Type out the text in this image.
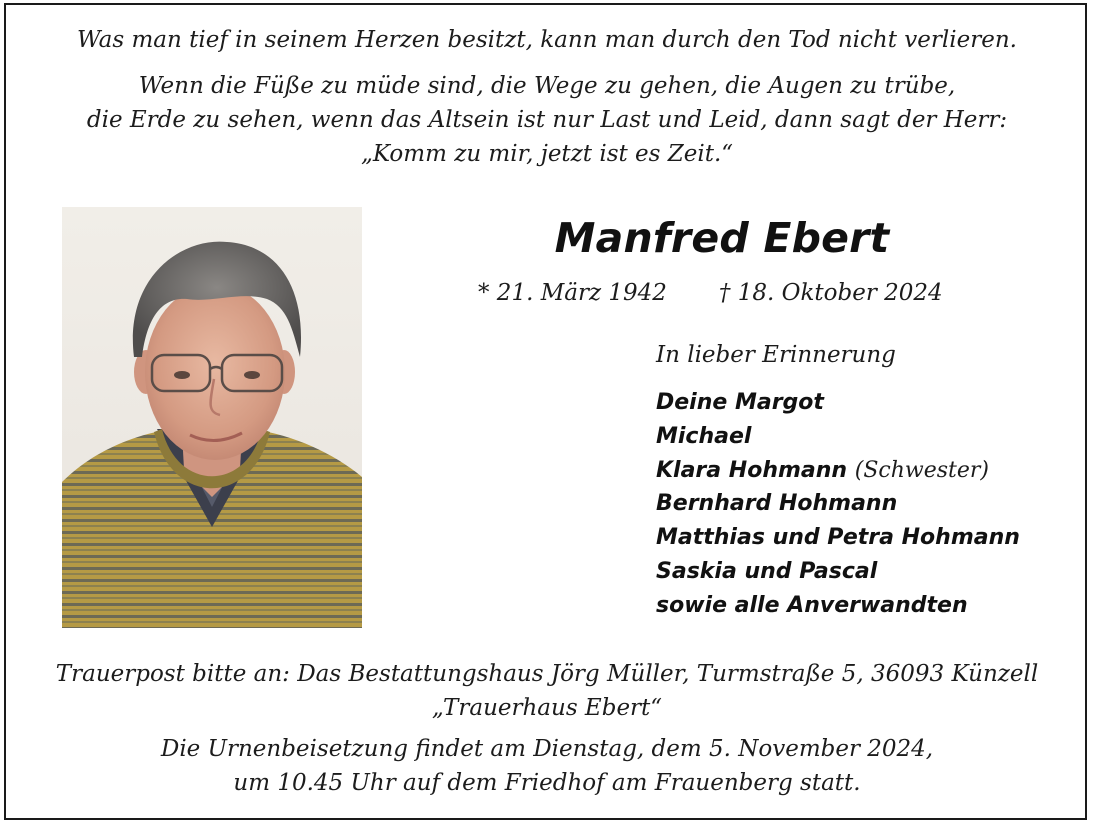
Was man tief in seinem Herzen besitzt, kann man durch den Tod nicht verlieren.
Wenn die Füße zu müde sind, die Wege zu gehen, die Augen zu trübe,
die Erde zu sehen, wenn das Altsein ist nur Last und Leid, dann sagt der Herr:
„Komm zu mir, jetzt ist es Zeit.“
Manfred Ebert
* 21. März 1942 † 18. Oktober 2024
In lieber Erinnerung
Deine Margot
Michael
Klara Hohmann (Schwester)
Bernhard Hohmann
Matthias und Petra Hohmann
Saskia und Pascal
sowie alle Anverwandten
Trauerpost bitte an: Das Bestattungshaus Jörg Müller, Turmstraße 5, 36093 Künzell
„Trauerhaus Ebert“
Die Urnenbeisetzung findet am Dienstag, dem 5. November 2024,
um 10.45 Uhr auf dem Friedhof am Frauenberg statt.
